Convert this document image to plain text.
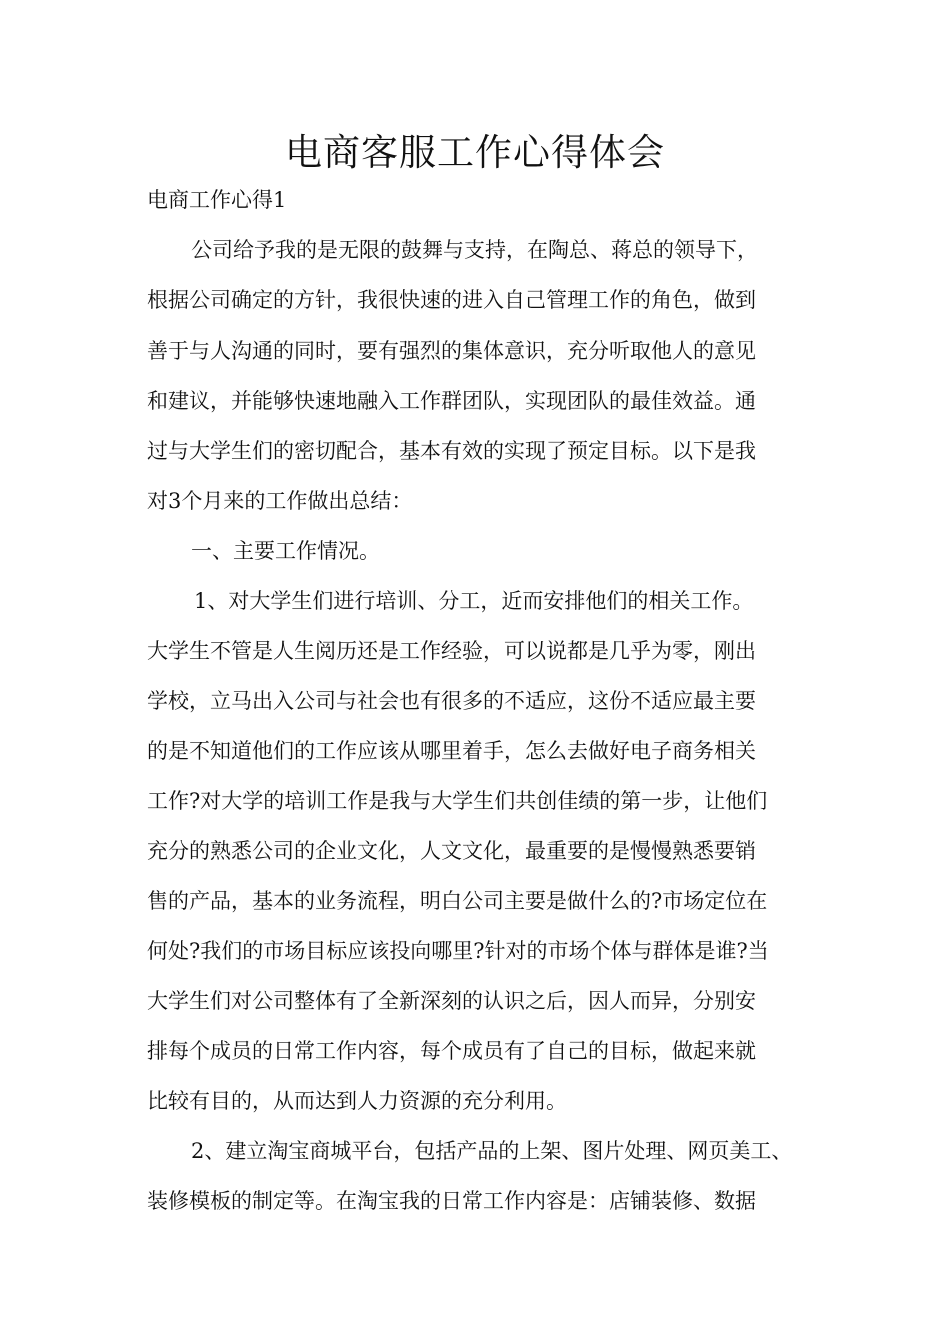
电商客服工作心得体会
电商工作心得1
公司给予我的是无限的鼓舞与支持，在陶总、蒋总的领导下，
根据公司确定的方针，我很快速的进入自己管理工作的角色，做到
善于与人沟通的同时，要有强烈的集体意识，充分听取他人的意见
和建议，并能够快速地融入工作群团队，实现团队的最佳效益。通
过与大学生们的密切配合，基本有效的实现了预定目标。以下是我
对3个月来的工作做出总结：
一、主要工作情况。
1、对大学生们进行培训、分工，近而安排他们的相关工作。
大学生不管是人生阅历还是工作经验，可以说都是几乎为零，刚出
学校，立马出入公司与社会也有很多的不适应，这份不适应最主要
的是不知道他们的工作应该从哪里着手，怎么去做好电子商务相关
工作?对大学的培训工作是我与大学生们共创佳绩的第一步，让他们
充分的熟悉公司的企业文化，人文文化，最重要的是慢慢熟悉要销
售的产品，基本的业务流程，明白公司主要是做什么的?市场定位在
何处?我们的市场目标应该投向哪里?针对的市场个体与群体是谁?当
大学生们对公司整体有了全新深刻的认识之后，因人而异，分别安
排每个成员的日常工作内容，每个成员有了自己的目标，做起来就
比较有目的，从而达到人力资源的充分利用。
2、建立淘宝商城平台，包括产品的上架、图片处理、网页美工、
装修模板的制定等。在淘宝我的日常工作内容是：店铺装修、数据
